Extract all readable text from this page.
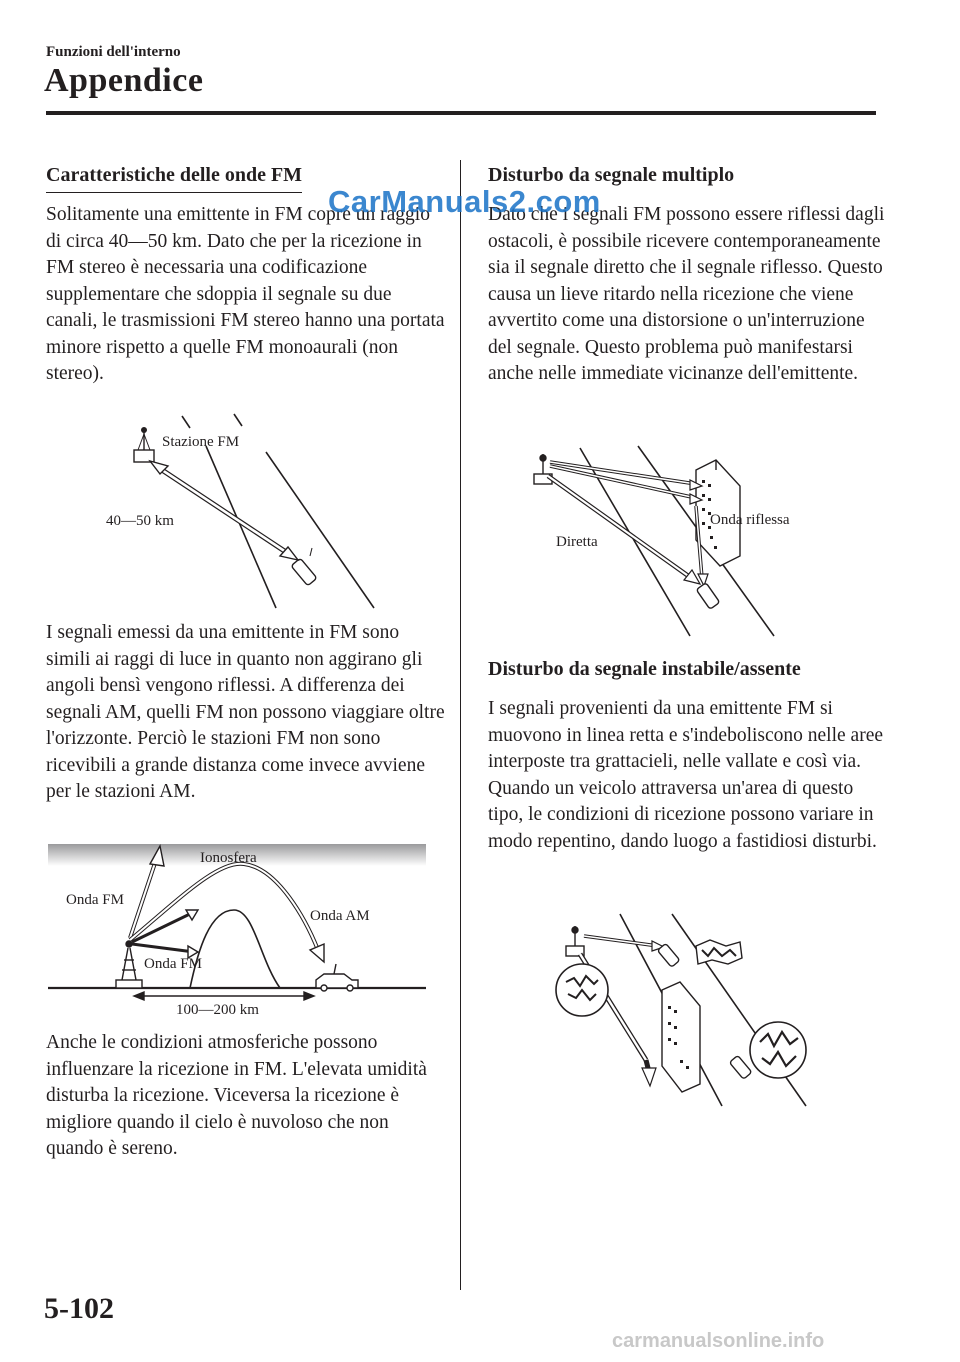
Funzioni dell'interno
Appendice
Caratteristiche delle onde FM
Solitamente una emittente in FM copre un raggio di circa 40―50 km. Dato che per la ricezione in FM stereo è necessaria una codificazione supplementare che sdoppia il segnale su due canali, le trasmissioni FM stereo hanno una portata minore rispetto a quelle FM monoaurali (non stereo).
Stazione FM
40―50 km
I segnali emessi da una emittente in FM sono simili ai raggi di luce in quanto non aggirano gli angoli bensì vengono riflessi. A differenza dei segnali AM, quelli FM non possono viaggiare oltre l'orizzonte. Perciò le stazioni FM non sono ricevibili a grande distanza come invece avviene per le stazioni AM.
Ionosfera
Onda FM
Onda FM
Onda AM
100―200 km
Anche le condizioni atmosferiche possono influenzare la ricezione in FM. L'elevata umidità disturba la ricezione. Viceversa la ricezione è migliore quando il cielo è nuvoloso che non quando è sereno.
Disturbo da segnale multiplo
Dato che i segnali FM possono essere riflessi dagli ostacoli, è possibile ricevere contemporaneamente sia il segnale diretto che il segnale riflesso. Questo causa un lieve ritardo nella ricezione che viene avvertito come una distorsione o un'interruzione del segnale. Questo problema può manifestarsi anche nelle immediate vicinanze dell'emittente.
Onda riflessa
Diretta
Disturbo da segnale instabile/assente
I segnali provenienti da una emittente FM si muovono in linea retta e s'indeboliscono nelle aree interposte tra grattacieli, nelle vallate e così via. Quando un veicolo attraversa un'area di questo tipo, le condizioni di ricezione possono variare in modo repentino, dando luogo a fastidiosi disturbi.
5-102
CarManuals2.com
carmanualsonline.info
